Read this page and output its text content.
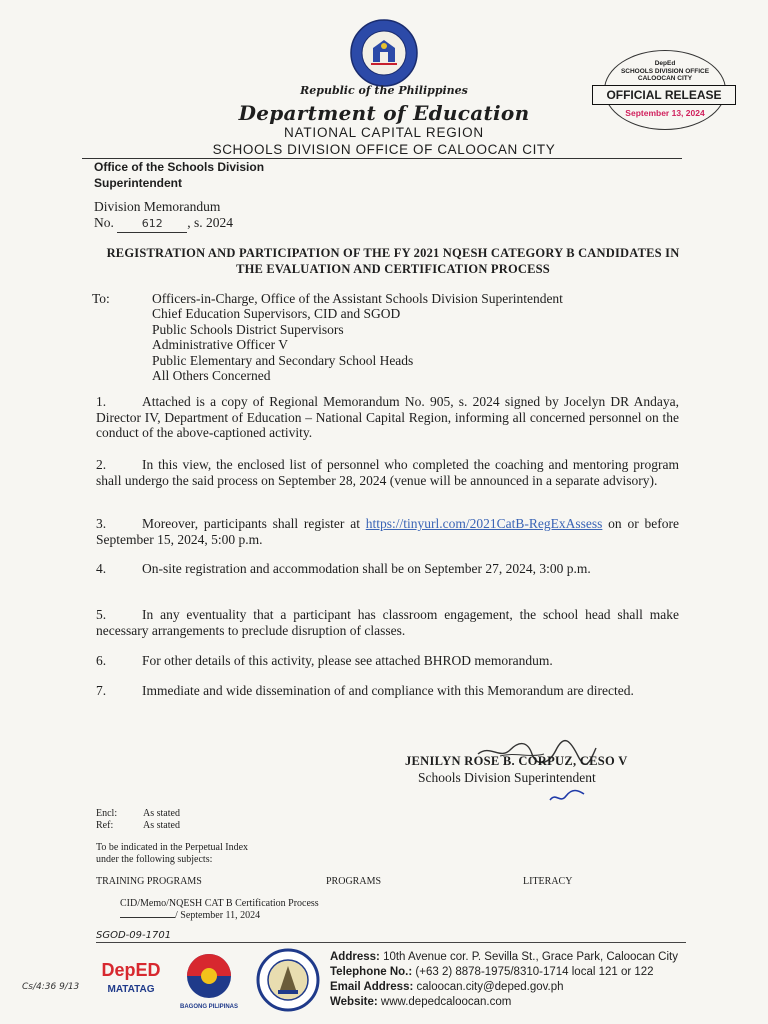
Republic of the Philippines
Department of Education
NATIONAL CAPITAL REGION
SCHOOLS DIVISION OFFICE OF CALOOCAN CITY
DepEd
SCHOOLS DIVISION OFFICE
CALOOCAN CITY
OFFICIAL RELEASE
September 13, 2024
Office of the Schools Division Superintendent
Division Memorandum
No.	612 , s. 2024
REGISTRATION AND PARTICIPATION OF THE FY 2021 NQESH CATEGORY B CANDIDATES IN THE EVALUATION AND CERTIFICATION PROCESS
To:	Officers-in-Charge, Office of the Assistant Schools Division Superintendent
Chief Education Supervisors, CID and SGOD
Public Schools District Supervisors
Administrative Officer V
Public Elementary and Secondary School Heads
All Others Concerned
1.	Attached is a copy of Regional Memorandum No. 905, s. 2024 signed by Jocelyn DR Andaya, Director IV, Department of Education – National Capital Region, informing all concerned personnel on the conduct of the above-captioned activity.
2.	In this view, the enclosed list of personnel who completed the coaching and mentoring program shall undergo the said process on September 28, 2024 (venue will be announced in a separate advisory).
3.	Moreover, participants shall register at https://tinyurl.com/2021CatB-RegExAssess on or before September 15, 2024, 5:00 p.m.
4.	On-site registration and accommodation shall be on September 27, 2024, 3:00 p.m.
5.	In any eventuality that a participant has classroom engagement, the school head shall make necessary arrangements to preclude disruption of classes.
6.	For other details of this activity, please see attached BHROD memorandum.
7.	Immediate and wide dissemination of and compliance with this Memorandum are directed.
JENILYN ROSE B. CORPUZ, CESO V
Schools Division Superintendent
Encl:	As stated
Ref:	As stated
To be indicated in the Perpetual Index
under the following subjects:
TRAINING PROGRAMS	PROGRAMS	LITERACY
CID/Memo/NQESH CAT B Certification Process
/ September 11, 2024
SGOD-09-1701
DepED
MATATAG
BAGONG PILIPINAS
Address: 10th Avenue cor. P. Sevilla St., Grace Park, Caloocan City
Telephone No.: (+63 2) 8878-1975/8310-1714 local 121 or 122
Email Address: caloocan.city@deped.gov.ph
Website: www.depedcaloocan.com
Cs/4:36 9/13
